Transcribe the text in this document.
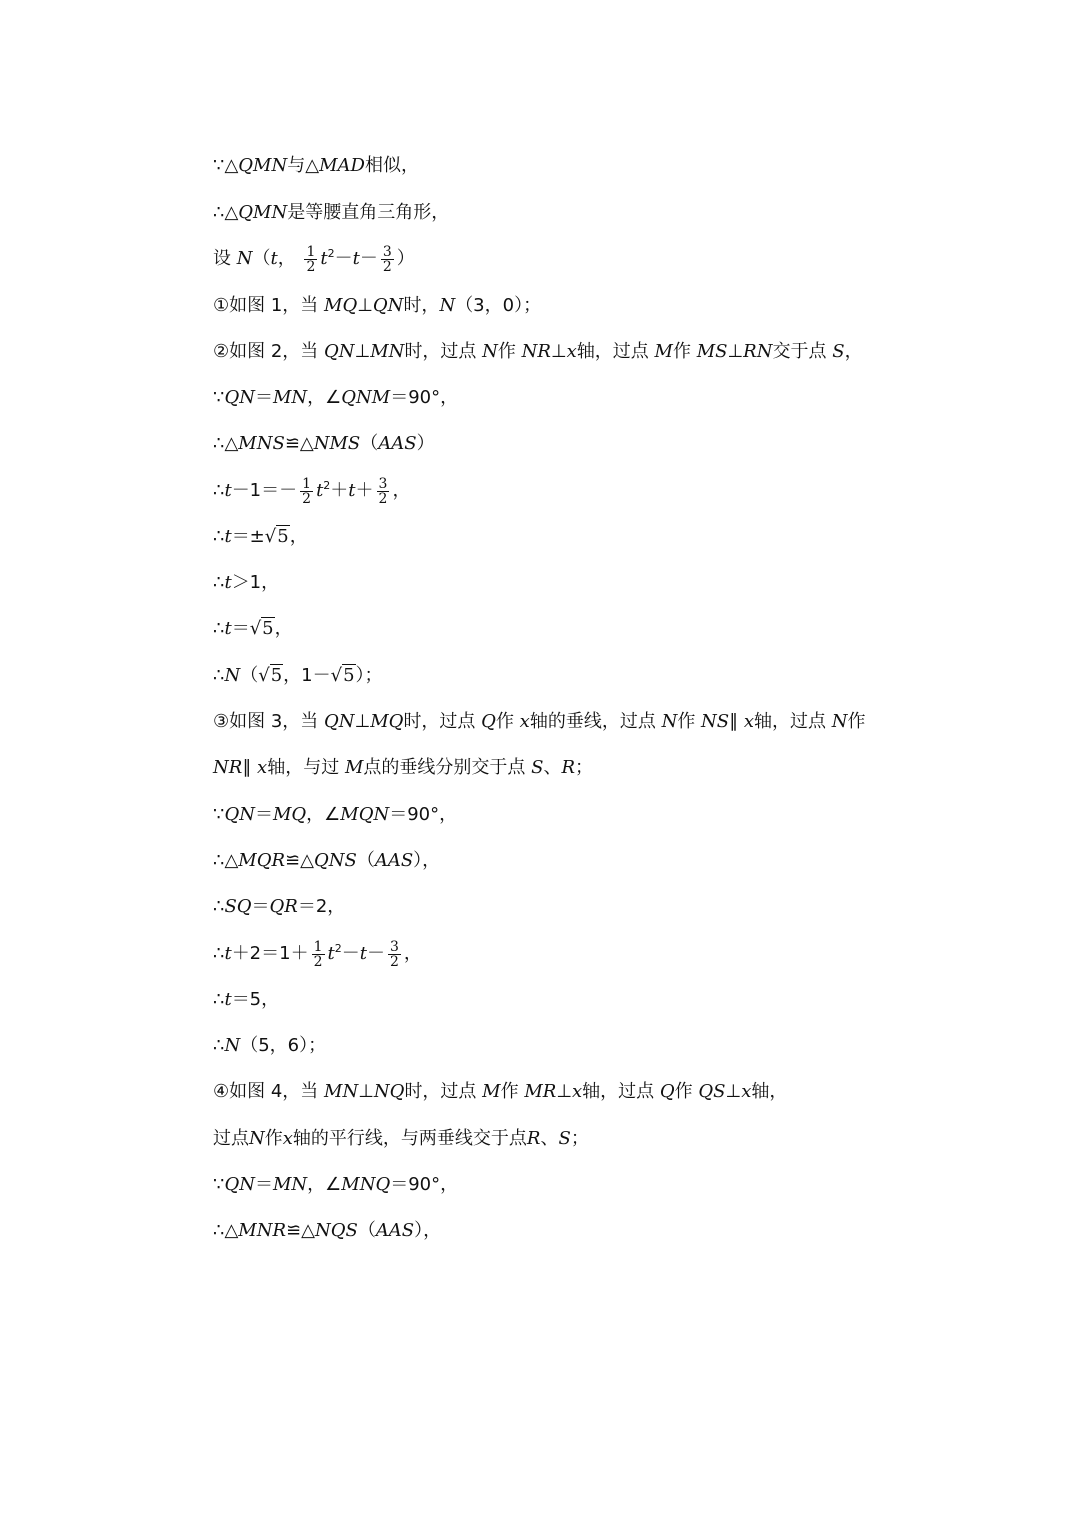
∵△QMN与△MAD相似，
∴△QMN是等腰直角三角形，
设 N（t， $\frac{1}{2} t^2-t- \frac{3}{2}$ ）
①如图 1，当 MQ⊥QN时，N（3，0）；
②如图 2，当 QN⊥MN时，过点 N作 NR⊥x轴，过点 M作 MS⊥RN交于点 S，
∵QN＝MN，∠QNM＝90°，
∴△MNS≌△NMS（AAS）
∴t－1＝－ $\frac{1}{2} t^2+t+ \frac{3}{2}$ ，
∴t＝±√5，
∴t＞1，
∴t＝√5，
∴N（√5，1－√5）；
③如图 3，当 QN⊥MQ时，过点 Q作 x轴的垂线，过点 N作 NS∥ x轴，过点 N作
NR∥ x轴，与过 M点的垂线分别交于点 S、R；
∵QN＝MQ，∠MQN＝90°，
∴△MQR≌△QNS（AAS），
∴SQ＝QR＝2，
∴t＋2＝1＋ $\frac{1}{2} t^2-t- \frac{3}{2}$ ，
∴t＝5，
∴N（5，6）；
④如图 4，当 MN⊥NQ时，过点 M作 MR⊥x轴，过点 Q作 QS⊥x轴，
过点N作x轴的平行线，与两垂线交于点R、S；
∵QN＝MN，∠MNQ＝90°，
∴△MNR≌△NQS（AAS），
